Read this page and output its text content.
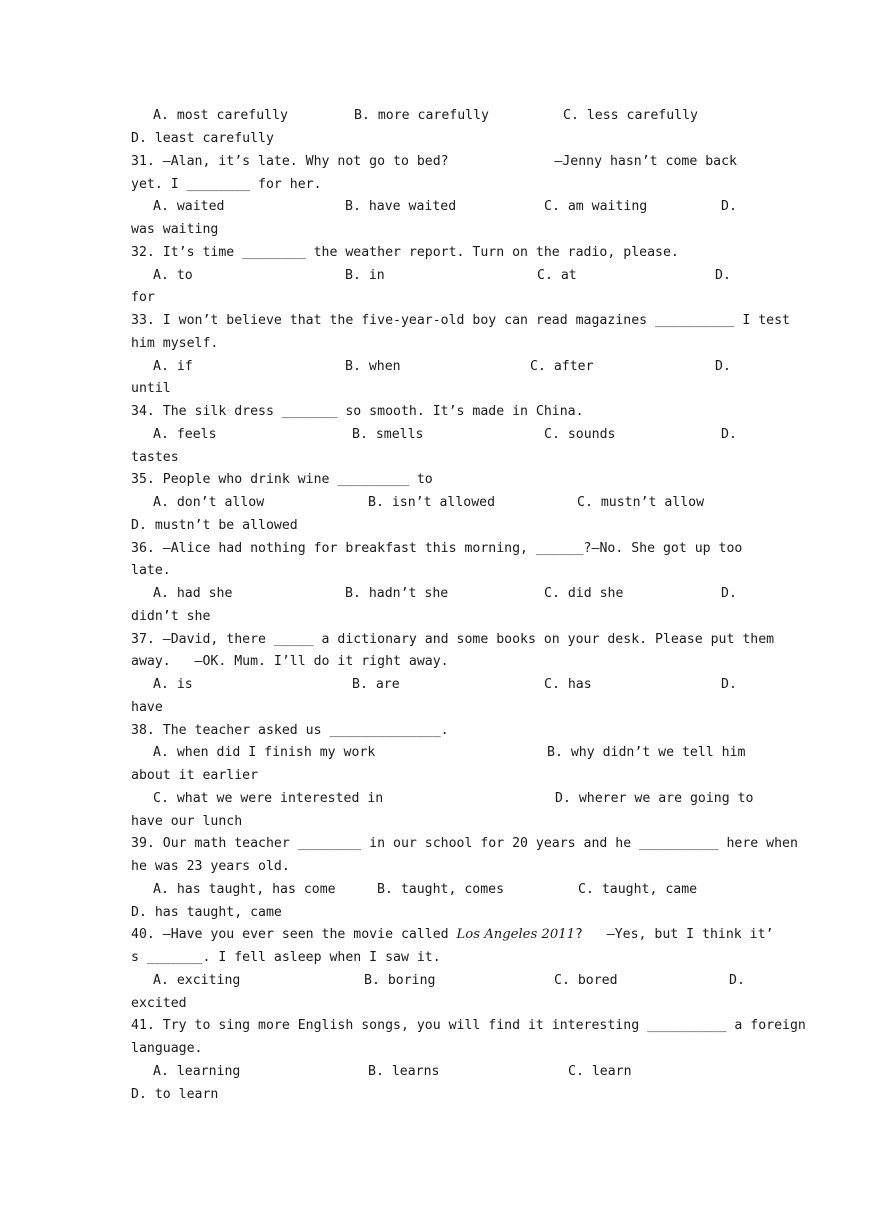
A. most carefully

	B. more carefully

	C. less carefully

D. least carefully
31. —Alan, it’s late. Why not go to bed?	—Jenny hasn’t come back
yet. I ________ for her.

A. waited

	B. have waited

	C. am waiting

	D.

was waiting
32. It’s time ________ the weather report. Turn on the radio, please.

A. to

	B. in

	C. at

	D.

for
33. I won’t believe that the five-year-old boy can read magazines __________ I test
him myself.

A. if

	B. when

	C. after

	D.

until
34. The silk dress _______ so smooth. It’s made in China.

A. feels

	B. smells

	C. sounds

	D.

tastes
35. People who drink wine _________ to

A. don’t allow

	B. isn’t allowed

	C. mustn’t allow

D. mustn’t be allowed
36. —Alice had nothing for breakfast this morning, ______? —No. She got up too
late.

A. had she

	B. hadn’t she

	C. did she

	D.

didn’t she
37. —David, there _____ a dictionary and some books on your desk. Please put them
away.   —OK. Mum. I’ll do it right away.

A. is

	B. are

	C. has

	D.

have
38. The teacher asked us ______________.

A. when did I finish my work

	B. why didn’t we tell him

about it earlier

C. what we were interested in

	D. wherer we are going to

have our lunch
39. Our math teacher ________ in our school for 20 years and he __________ here when
he was 23 years old.

A. has taught, has come

	B. taught, comes

	C. taught, came

D. has taught, came
40. —Have you ever seen the movie called Los Angeles 2011 ?   —Yes, but I think it’
s _______. I fell asleep when I saw it.

A. exciting

	B. boring

	C. bored

	D.

excited
41. Try to sing more English songs, you will find it interesting __________ a foreign
language.

A. learning

	B. learns

	C. learn

D. to learn
